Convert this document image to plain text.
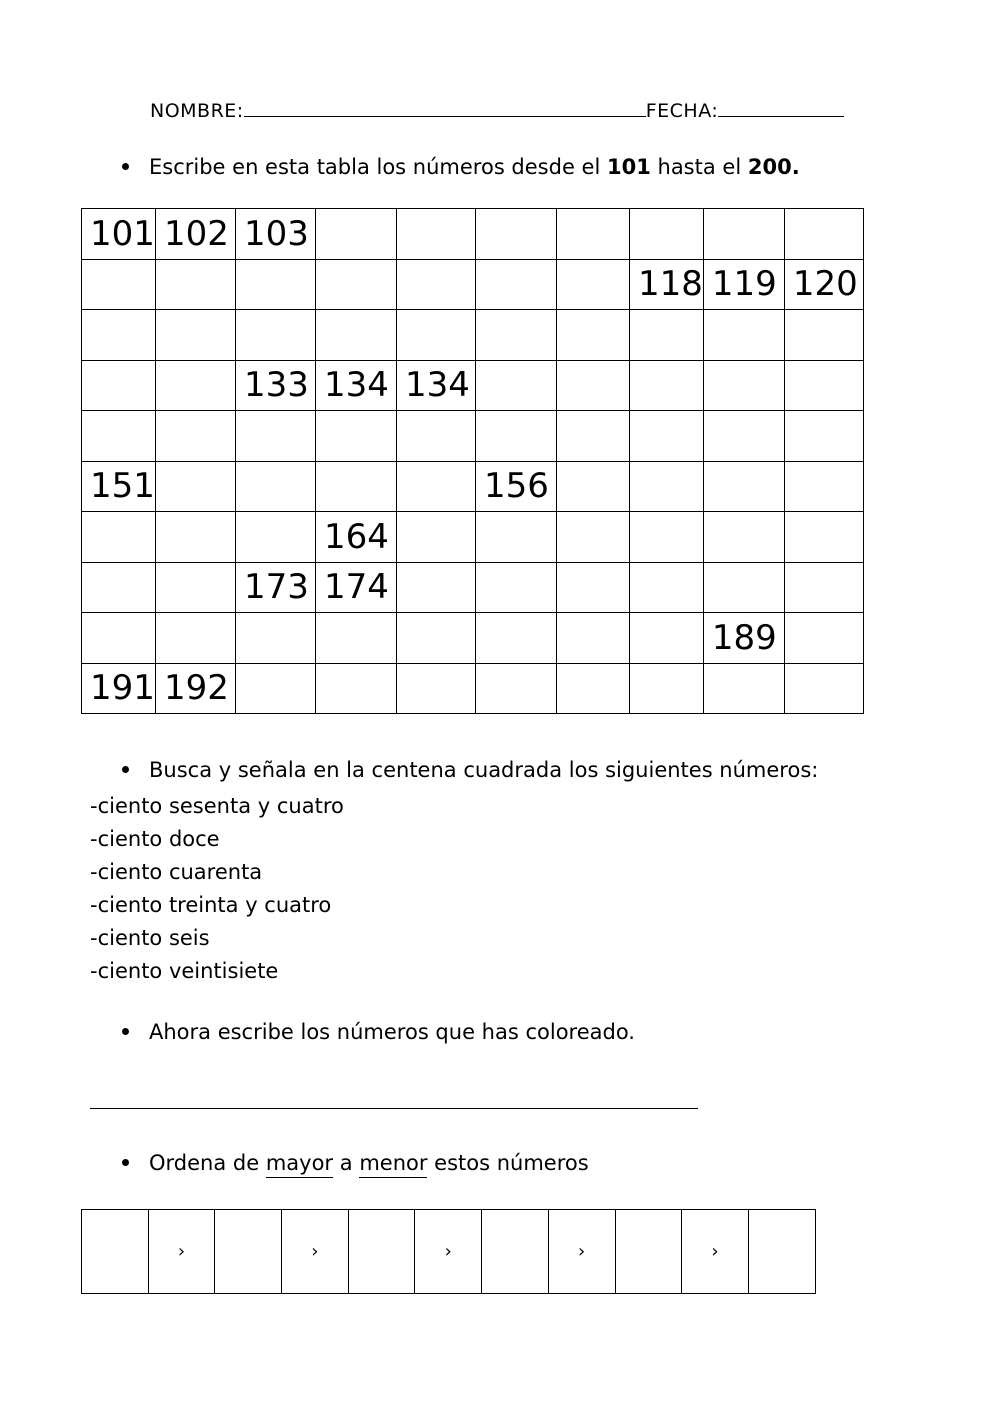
NOMBRE:	FECHA:
Escribe en esta tabla los números desde el 101 hasta el 200.
101	102	103							
							118	119	120

		133	134	134					

151					156				
			164						
		173	174						
								189	
191	192								
Busca y señala en la centena cuadrada los siguientes números:
-ciento sesenta y cuatro
-ciento doce
-ciento cuarenta
-ciento treinta y cuatro
-ciento seis
-ciento veintisiete
Ahora escribe los números que has coloreado.
Ordena de mayor a menor estos números
	›		›		›		›		›	
